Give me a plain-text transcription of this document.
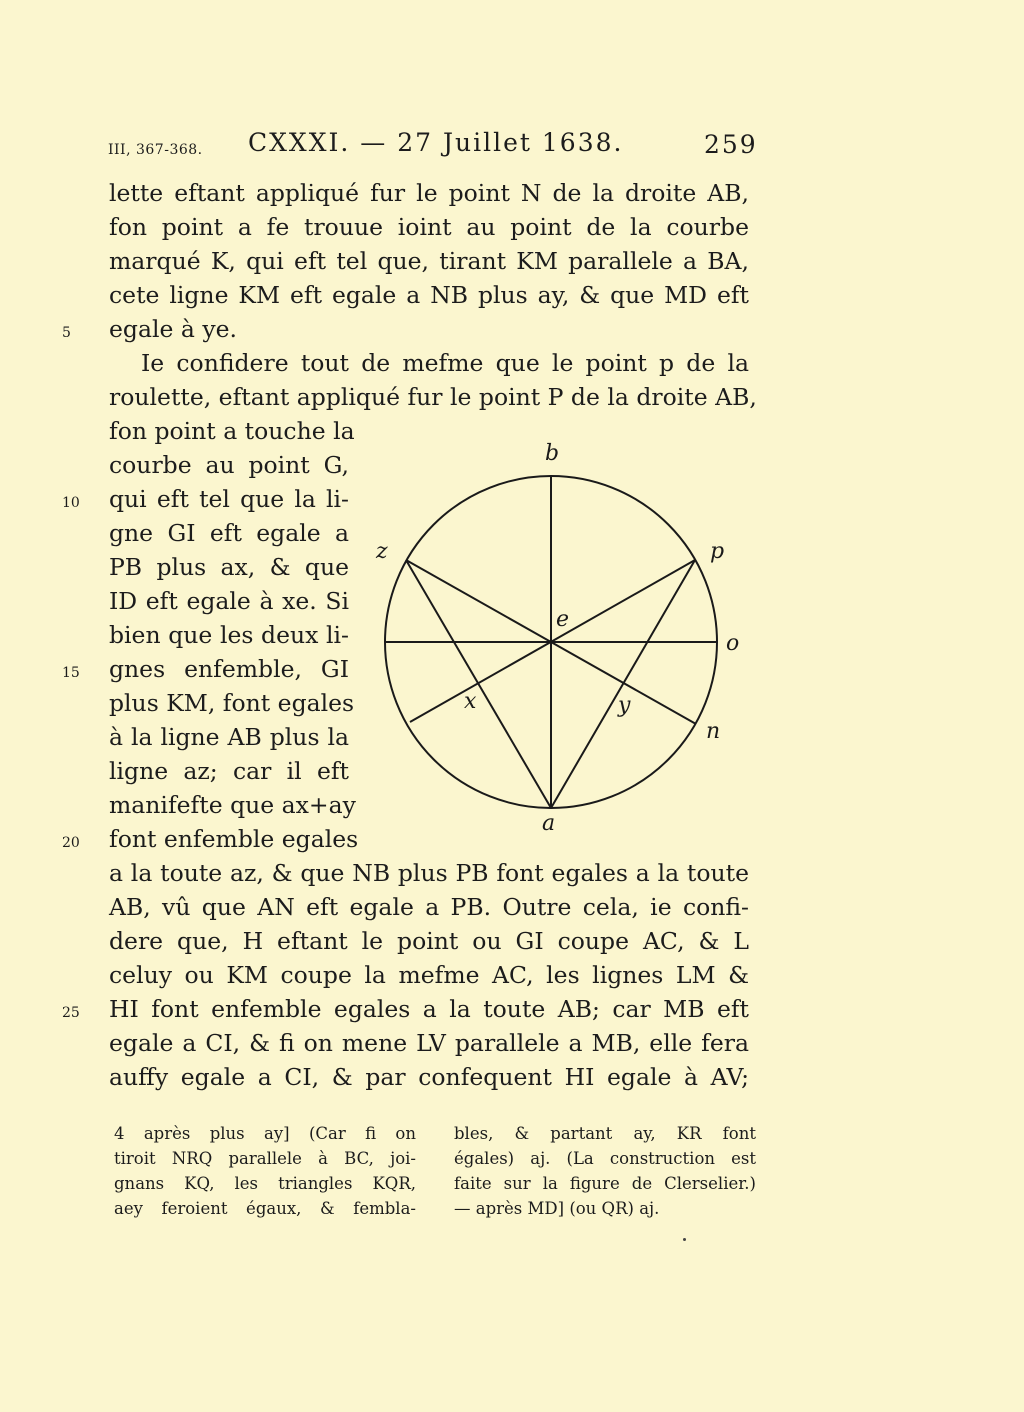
III, 367-368. CXXXI. — 27 Juillet 1638.	259
lette eftant appliqué fur le point N de la droite AB,
fon point a fe trouue ioint au point de la courbe
marqué K, qui eft tel que, tirant KM parallele a BA,
cete ligne KM eft egale a NB plus ay, & que MD eft
egale à ye.
Ie confidere tout de mefme que le point p de la
roulette, eftant appliqué fur le point P de la droite AB,
fon point a touche la
courbe au point G,
qui eft tel que la li-
gne GI eft egale a
PB plus ax, & que
ID eft egale à xe. Si
bien que les deux li-
gnes enfemble, GI
plus KM, font egales
à la ligne AB plus la
ligne az; car il eft
manifefte que ax+ay
font enfemble egales
a la toute az, & que NB plus PB font egales a la toute
AB, vû que AN eft egale a PB. Outre cela, ie confi-
dere que, H eftant le point ou GI coupe AC, & L
celuy ou KM coupe la mefme AC, les lignes LM &
HI font enfemble egales a la toute AB; car MB eft
egale a CI, & fi on mene LV parallele a MB, elle fera
auffy egale a CI, & par confequent HI egale à AV;
5
10
15
20
25
b
z	p
e
o
x	y
n
a
4 après plus ay] (Car fi on
tiroit NRQ parallele à BC, joi-
gnans KQ, les triangles KQR,
aey feroient égaux, & fembla-
bles, & partant ay, KR font
égales) aj. (La construction est
faite sur la figure de Clerselier.)
— après MD] (ou QR) aj.
